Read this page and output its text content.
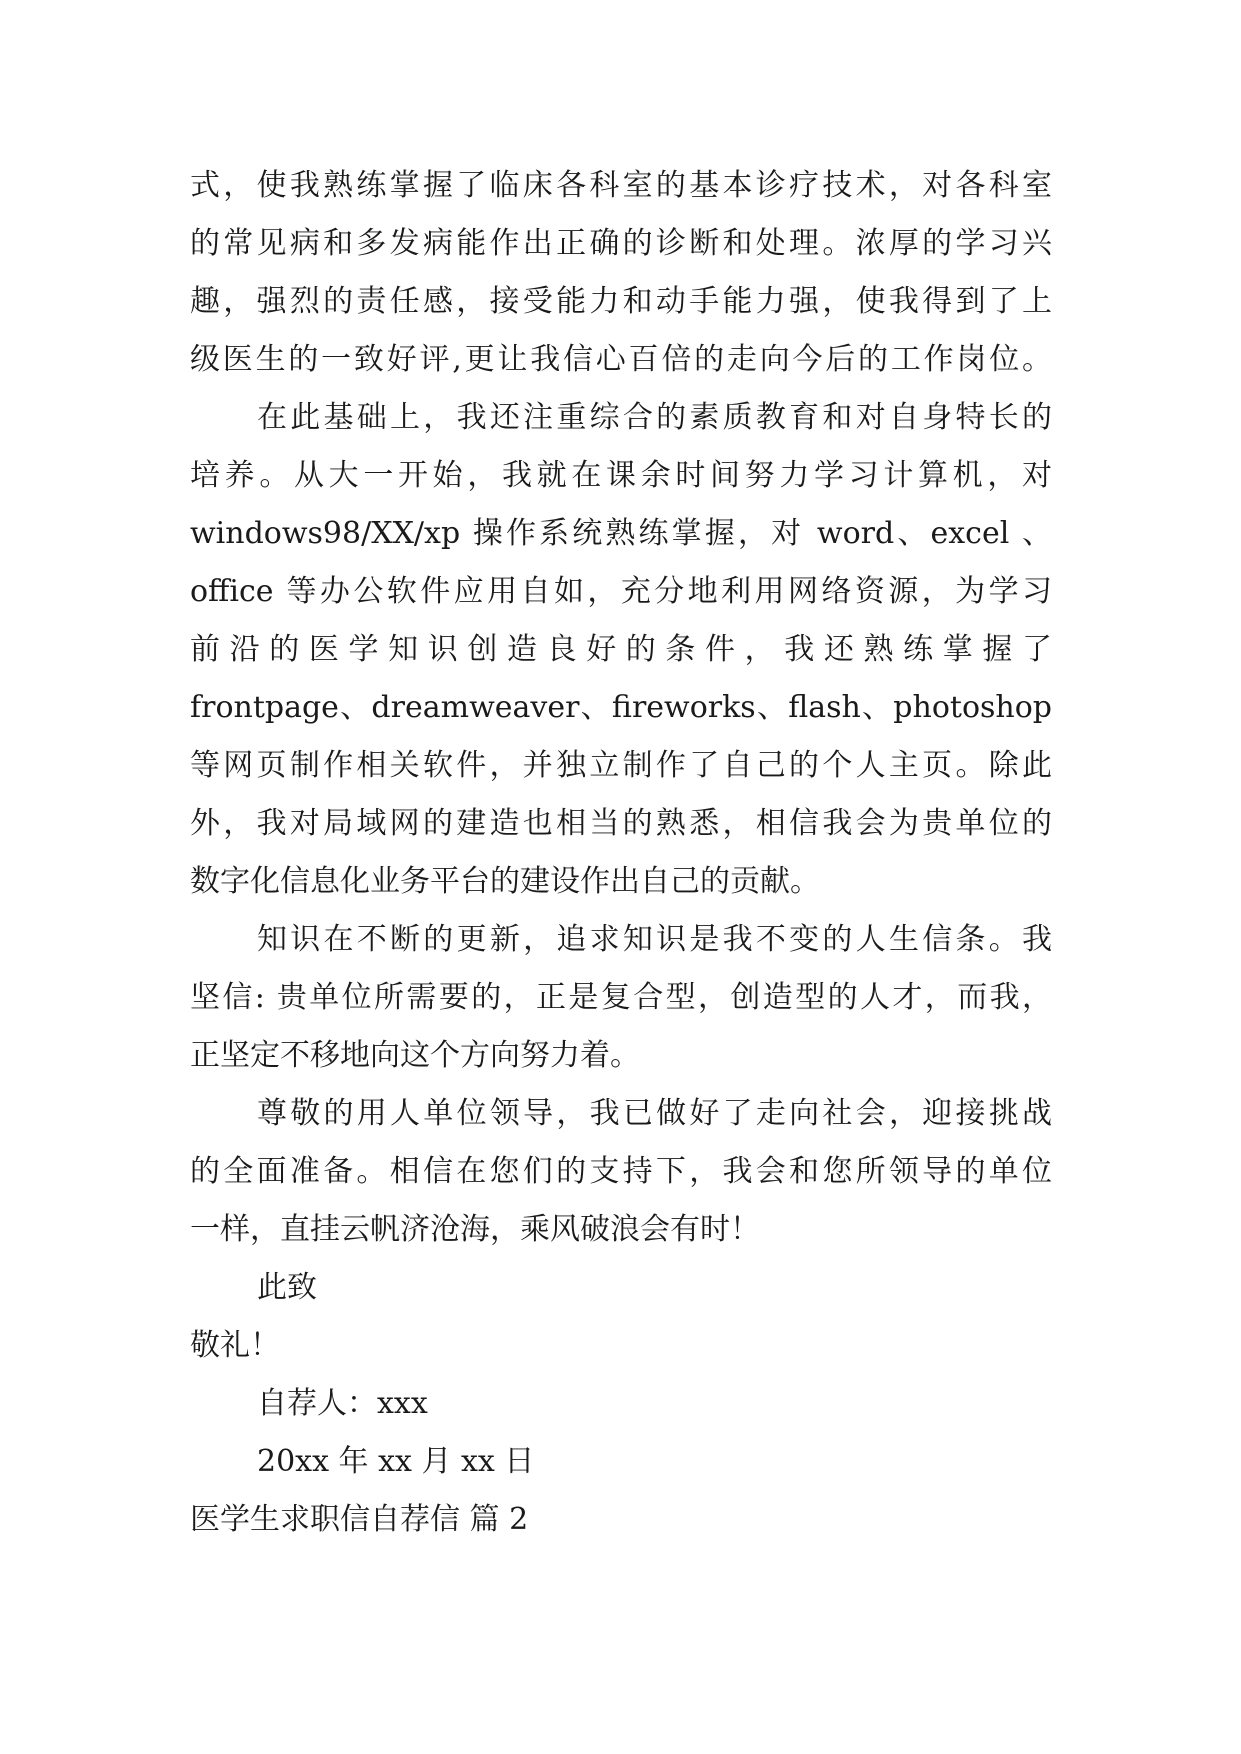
式，使我熟练掌握了临床各科室的基本诊疗技术，对各科室
的常见病和多发病能作出正确的诊断和处理。浓厚的学习兴
趣，强烈的责任感，接受能力和动手能力强，使我得到了上
级医生的一致好评,更让我信心百倍的走向今后的工作岗位。
在此基础上，我还注重综合的素质教育和对自身特长的
培养。从大一开始，我就在课余时间努力学习计算机，对
windows98/XX/xp 操作系统熟练掌握，对 word、excel 、
office 等办公软件应用自如，充分地利用网络资源，为学习
前沿的医学知识创造良好的条件，我还熟练掌握了
frontpage、dreamweaver、fireworks、flash、photoshop
等网页制作相关软件，并独立制作了自己的个人主页。除此
外，我对局域网的建造也相当的熟悉，相信我会为贵单位的
数字化信息化业务平台的建设作出自己的贡献。
知识在不断的更新，追求知识是我不变的人生信条。我
坚信: 贵单位所需要的，正是复合型，创造型的人才，而我，
正坚定不移地向这个方向努力着。
尊敬的用人单位领导，我已做好了走向社会，迎接挑战
的全面准备。相信在您们的支持下，我会和您所领导的单位
一样，直挂云帆济沧海，乘风破浪会有时！
此致
敬礼！
自荐人：xxx
20xx 年 xx 月 xx 日
医学生求职信自荐信 篇 2
